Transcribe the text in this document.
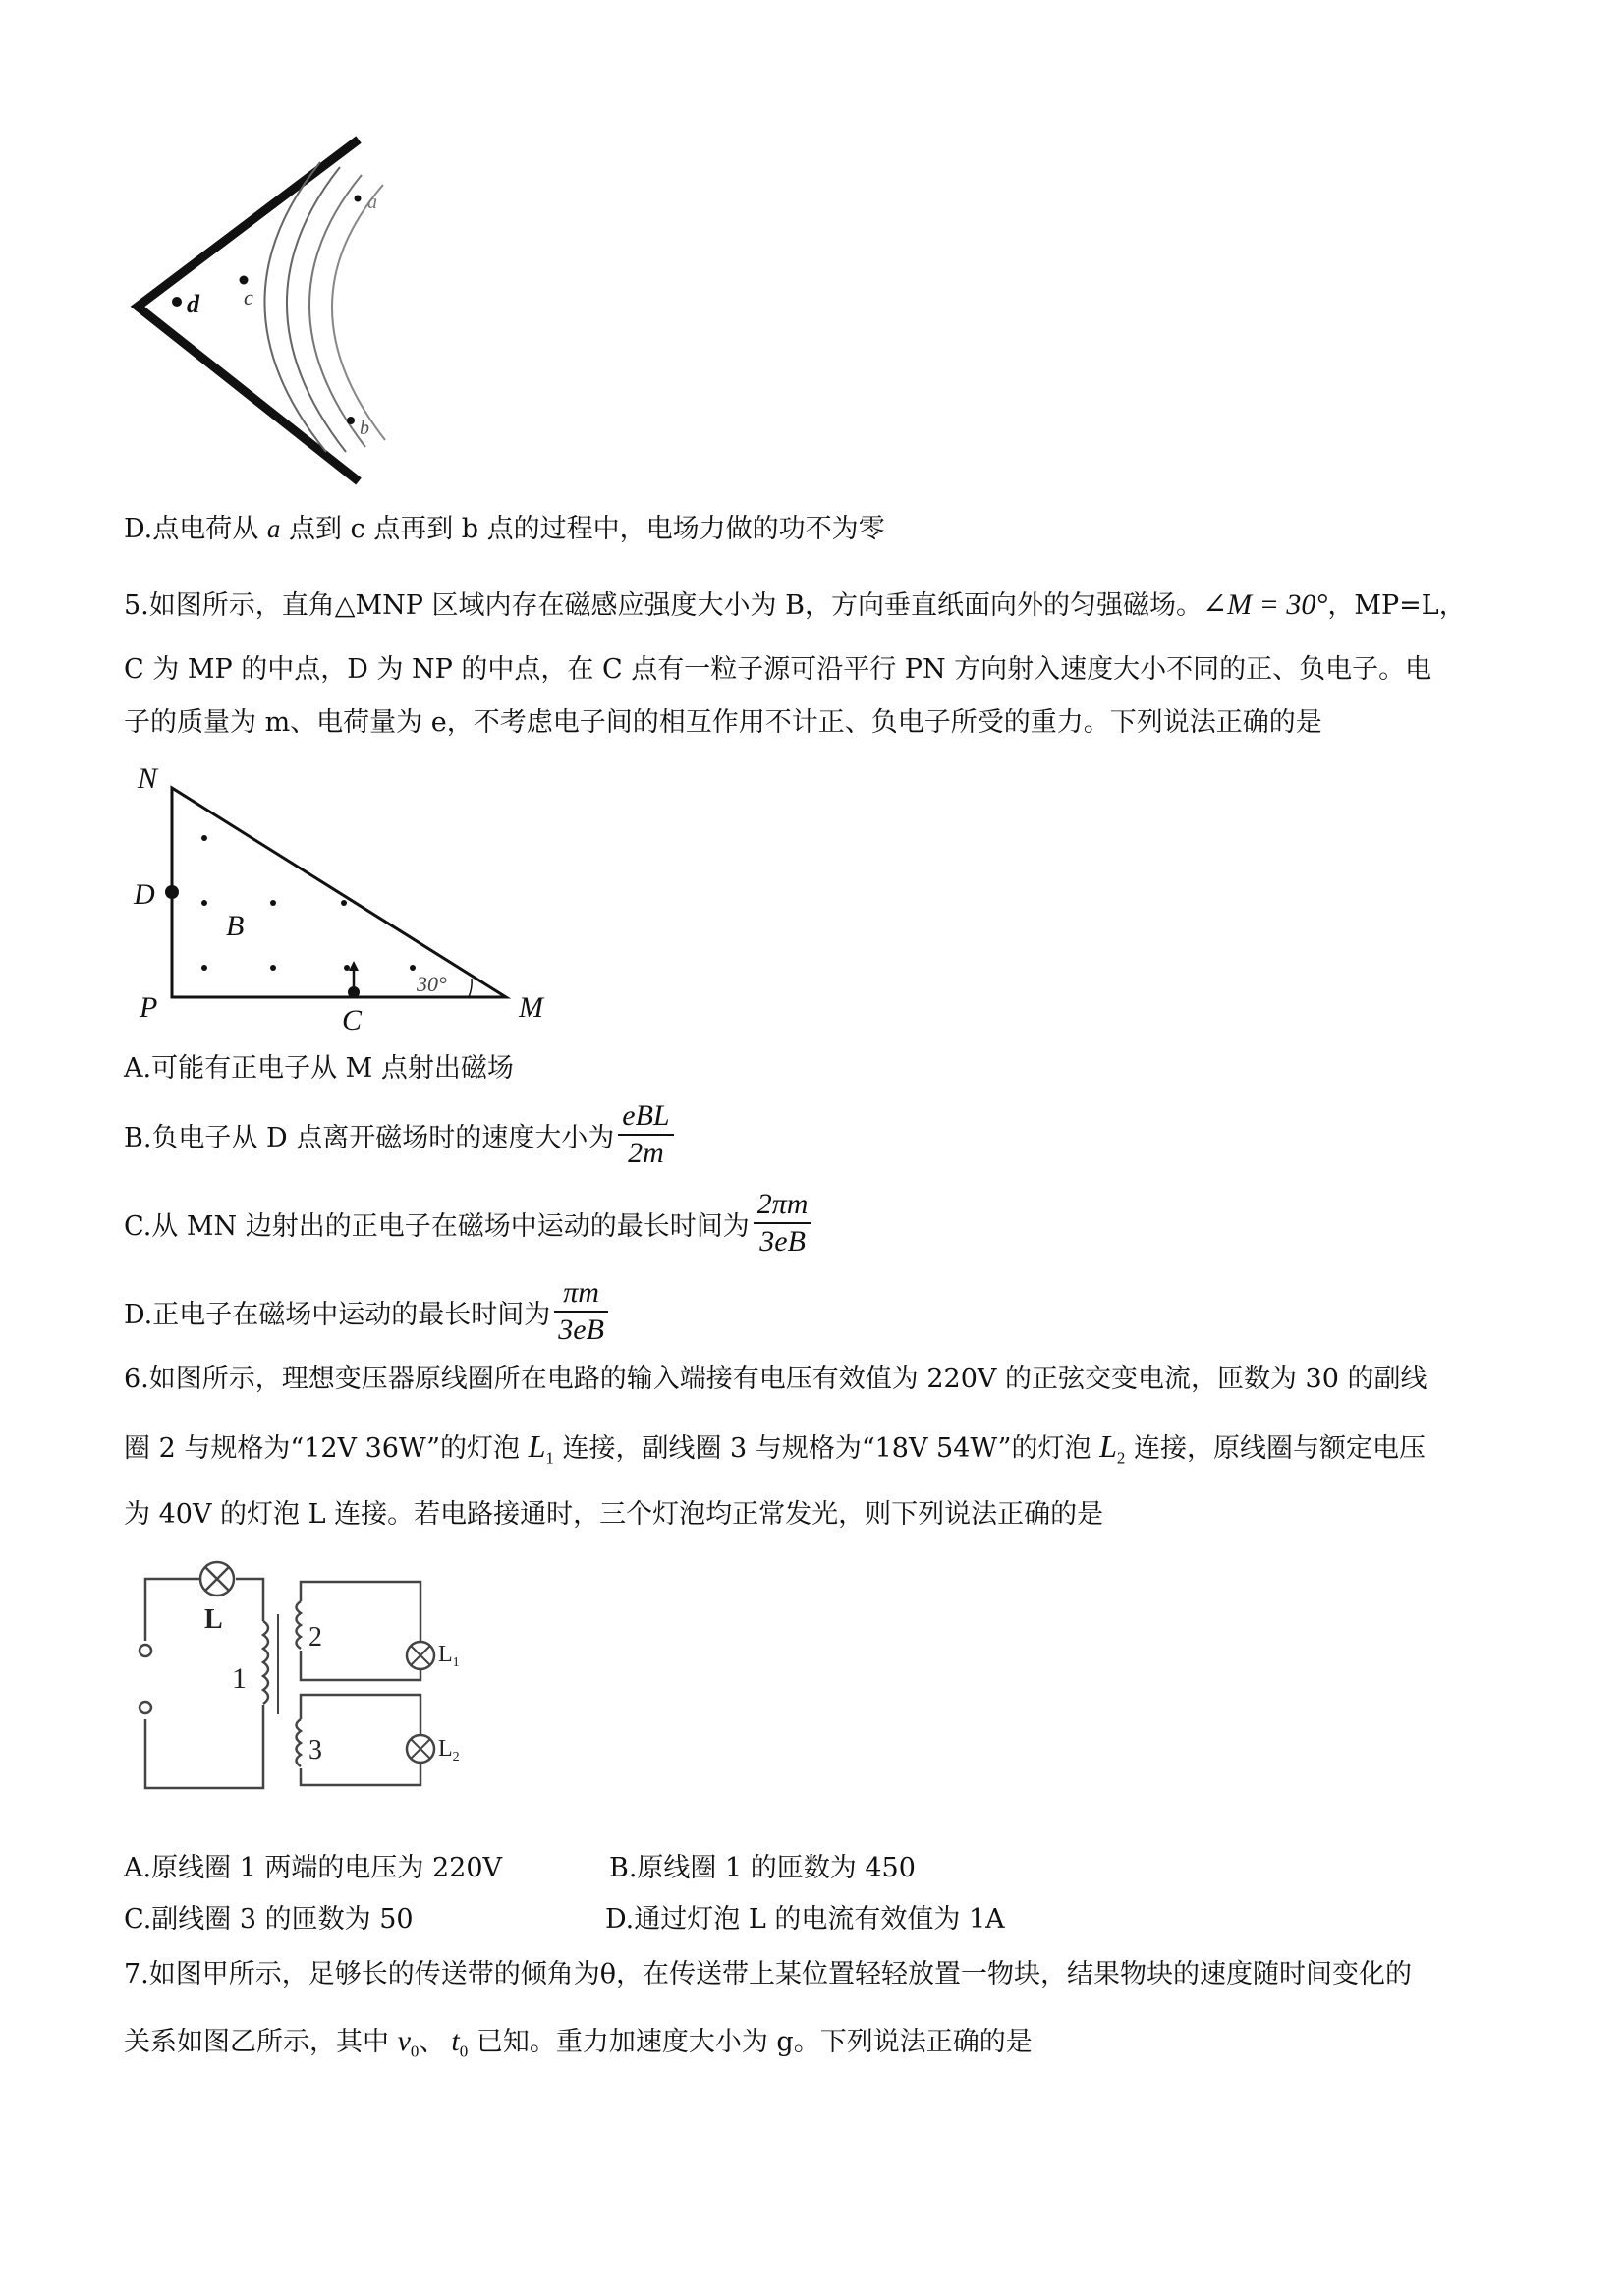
a
b
c
d
D.点电荷从 a 点到 c 点再到 b 点的过程中，电场力做的功不为零
5.如图所示，直角△MNP 区域内存在磁感应强度大小为 B，方向垂直纸面向外的匀强磁场。∠M = 30°，MP=L，
C 为 MP 的中点，D 为 NP 的中点，在 C 点有一粒子源可沿平行 PN 方向射入速度大小不同的正、负电子。电
子的质量为 m、电荷量为 e，不考虑电子间的相互作用不计正、负电子所受的重力。下列说法正确的是
30°
N
D
B
P	C	M
A.可能有正电子从 M 点射出磁场
B.负电子从 D 点离开磁场时的速度大小为 $\frac{\text{eBL}}{2m}$
C.从 MN 边射出的正电子在磁场中运动的最长时间为 $\frac{2\pi m}{3eB}$
D.正电子在磁场中运动的最长时间为 $\frac{\pi m}{3eB}$
6.如图所示，理想变压器原线圈所在电路的输入端接有电压有效值为 220V 的正弦交变电流，匝数为 30 的副线
圈 2 与规格为“12V 36W”的灯泡 $L_1$ 连接，副线圈 3 与规格为“18V 54W”的灯泡 $L_2$ 连接，原线圈与额定电压
为 40V 的灯泡 L 连接。若电路接通时，三个灯泡均正常发光，则下列说法正确的是
L
1
2
$L_1$
3	$L_2$
A.原线圈 1 两端的电压为 220V	B.原线圈 1 的匝数为 450
C.副线圈 3 的匝数为 50	D.通过灯泡 L 的电流有效值为 1A
7.如图甲所示，足够长的传送带的倾角为θ，在传送带上某位置轻轻放置一物块，结果物块的速度随时间变化的
关系如图乙所示，其中 $v_0$、 $t_0$ 已知。重力加速度大小为 g。下列说法正确的是
